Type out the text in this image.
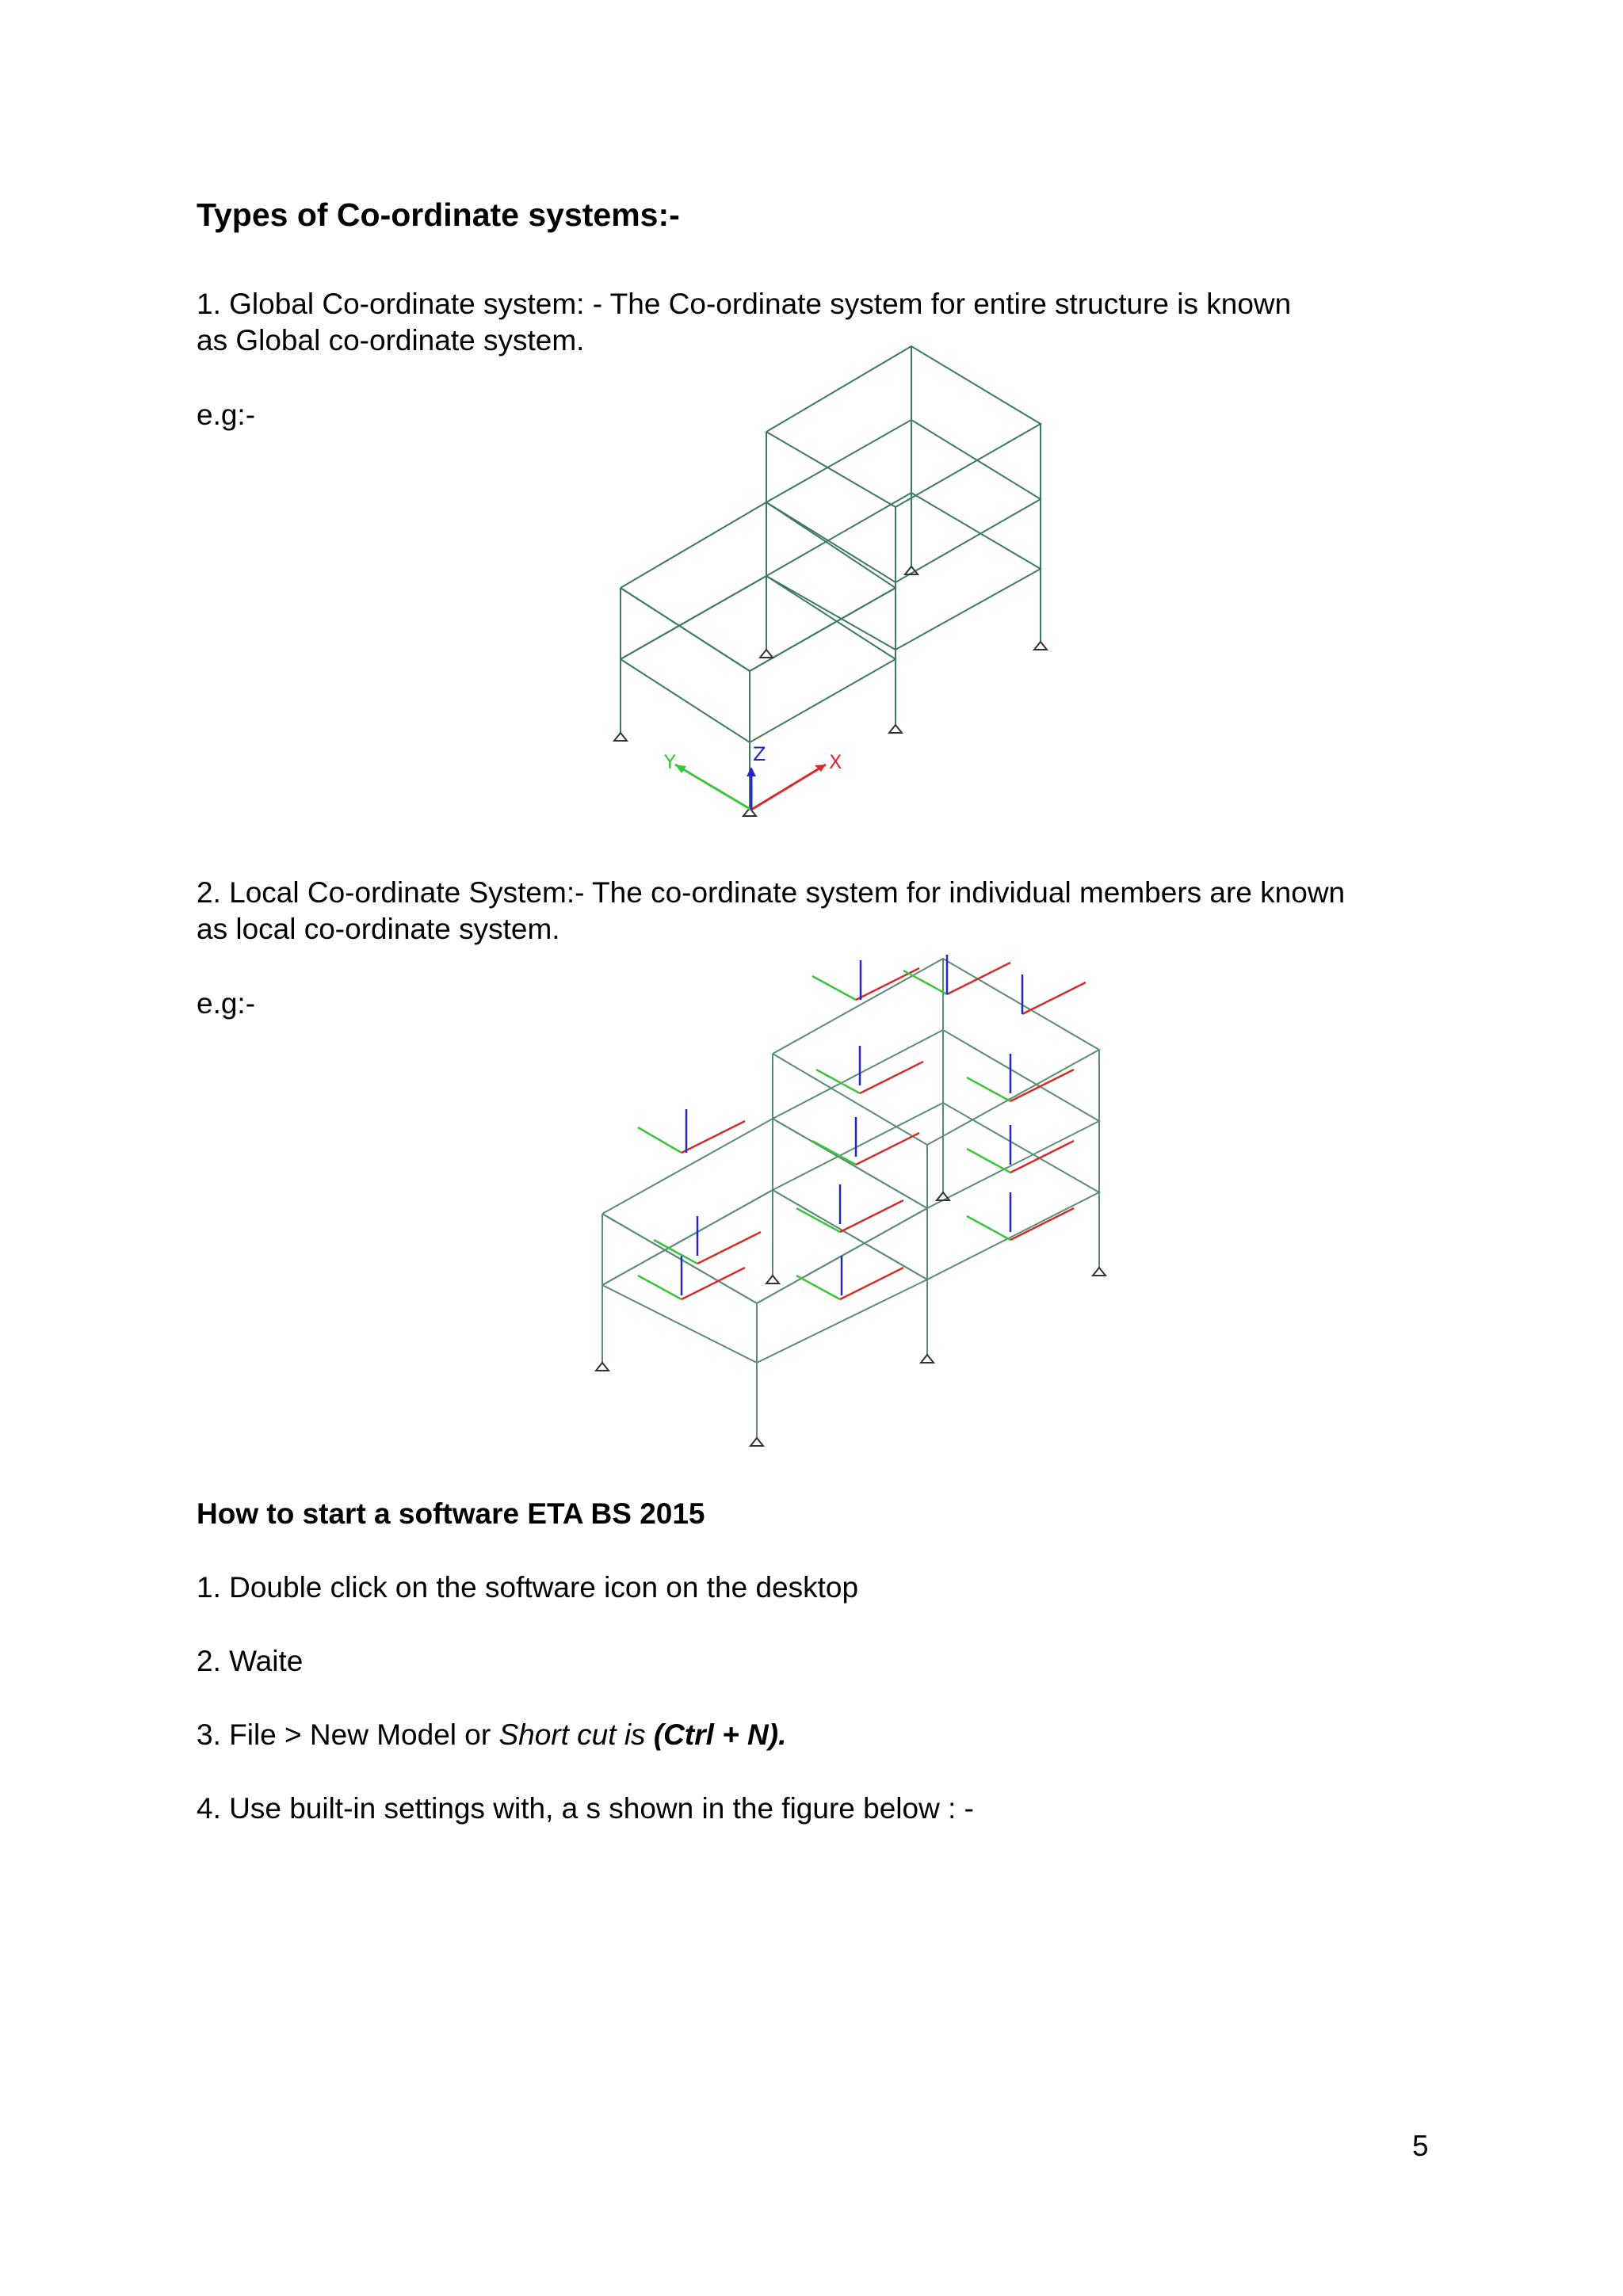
Types of Co-ordinate systems:-
1. Global Co-ordinate system: - The Co-ordinate system for entire structure is known
as Global co-ordinate system.
e.g:-
Y	X
Z
2. Local Co-ordinate System:- The co-ordinate system for individual members are known
as local co-ordinate system.
e.g:-
How to start a software ETA BS 2015
1. Double click on the software icon on the desktop
2. Waite
3. File > New Model or Short cut is (Ctrl + N).
4. Use built-in settings with, a s shown in the figure below : -
5
